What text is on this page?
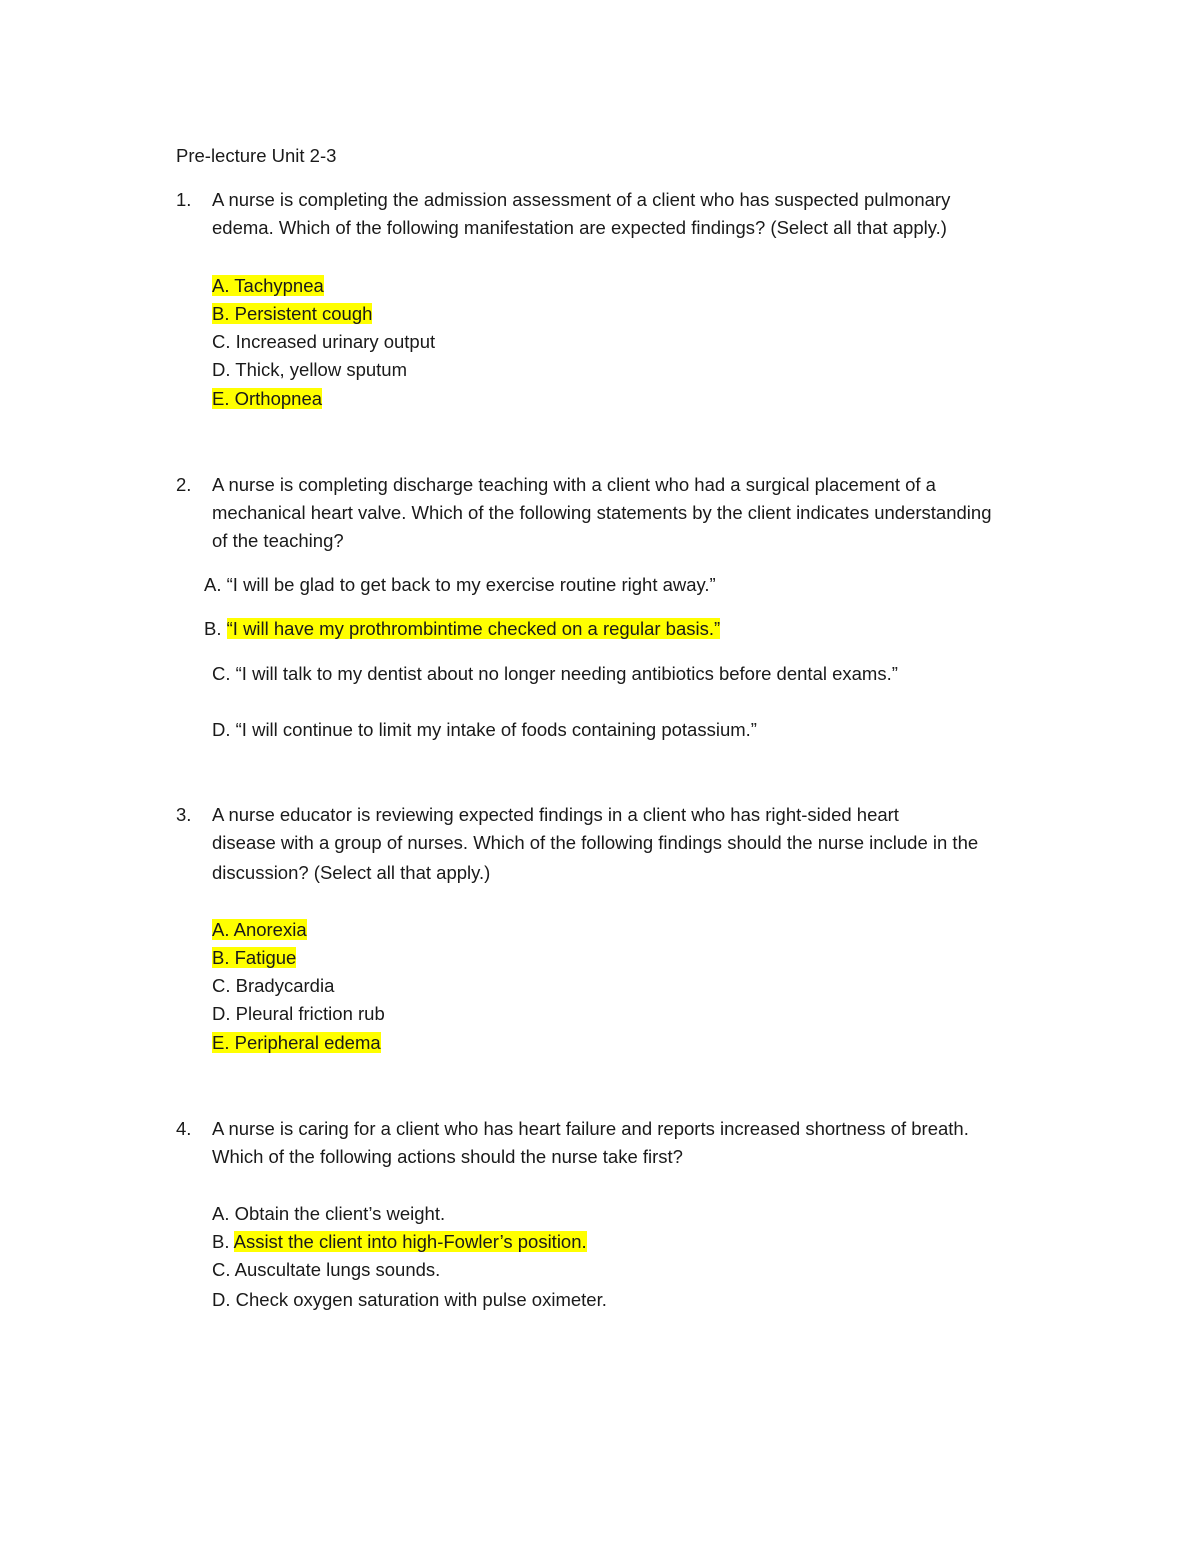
Pre-lecture Unit 2-3
1. A nurse is completing the admission assessment of a client who has suspected pulmonary
edema. Which of the following manifestation are expected findings? (Select all that apply.)
A. Tachypnea
B. Persistent cough
C. Increased urinary output
D. Thick, yellow sputum
E. Orthopnea
2. A nurse is completing discharge teaching with a client who had a surgical placement of a
mechanical heart valve. Which of the following statements by the client indicates understanding
of the teaching?
A. “I will be glad to get back to my exercise routine right away.”
B. “I will have my prothrombintime checked on a regular basis.”
C. “I will talk to my dentist about no longer needing antibiotics before dental exams.”
D. “I will continue to limit my intake of foods containing potassium.”
3. A nurse educator is reviewing expected findings in a client who has right-sided heart
disease with a group of nurses. Which of the following findings should the nurse include in the
discussion? (Select all that apply.)
A. Anorexia
B. Fatigue
C. Bradycardia
D. Pleural friction rub
E. Peripheral edema
4. A nurse is caring for a client who has heart failure and reports increased shortness of breath.
Which of the following actions should the nurse take first?
A. Obtain the client’s weight.
B. Assist the client into high-Fowler’s position.
C. Auscultate lungs sounds.
D. Check oxygen saturation with pulse oximeter.
